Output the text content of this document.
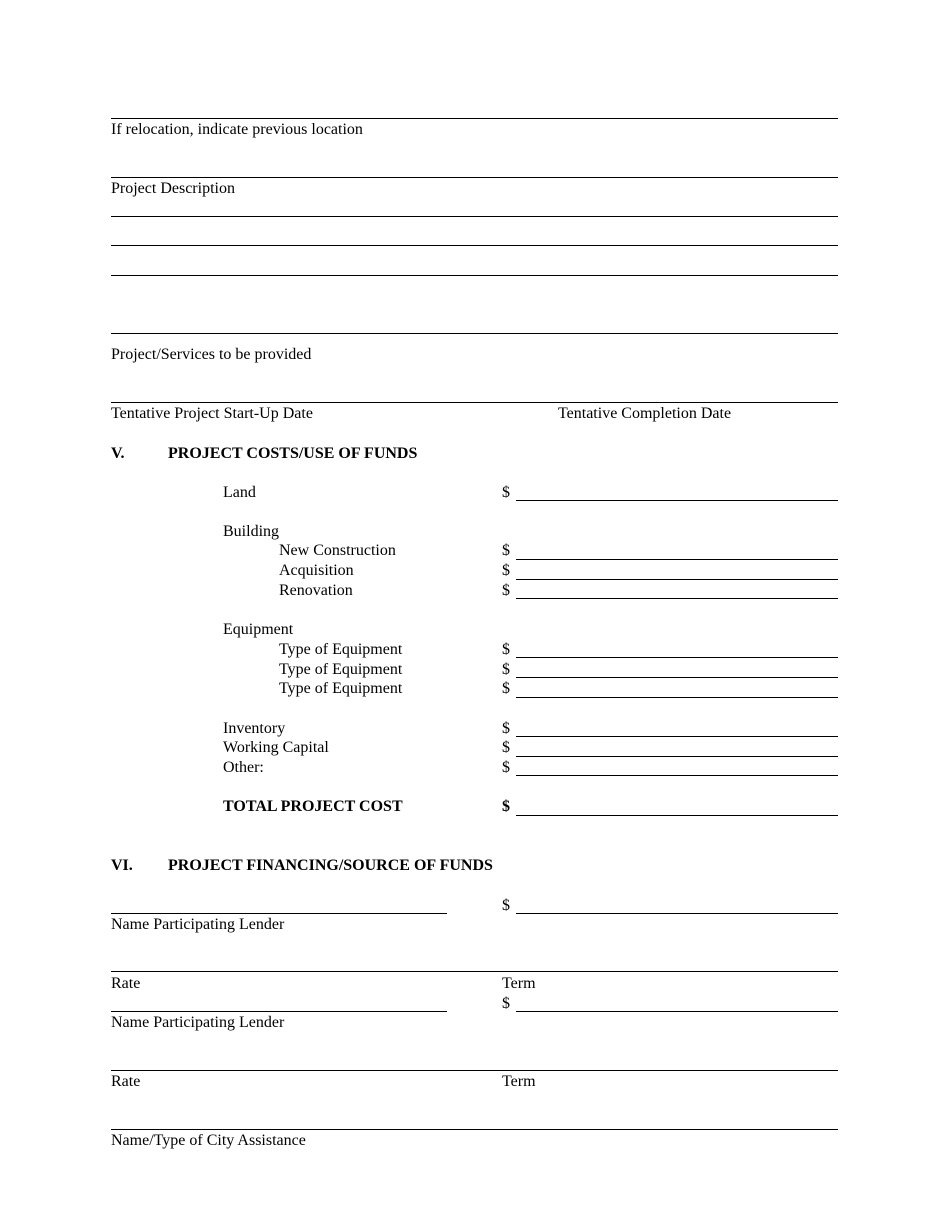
If relocation, indicate previous location
Project Description
Project/Services to be provided
Tentative Project Start-Up Date	Tentative Completion Date
V.	PROJECT COSTS/USE OF FUNDS
Land	$
Building
New Construction	$
Acquisition	$
Renovation	$
Equipment
Type of Equipment	$
Type of Equipment	$
Type of Equipment	$
Inventory	$
Working Capital	$
Other:	$
TOTAL PROJECT COST	$
VI. PROJECT FINANCING/SOURCE OF FUNDS
$
Name Participating Lender
Rate	Term
$
Name Participating Lender
Rate	Term
Name/Type of City Assistance
